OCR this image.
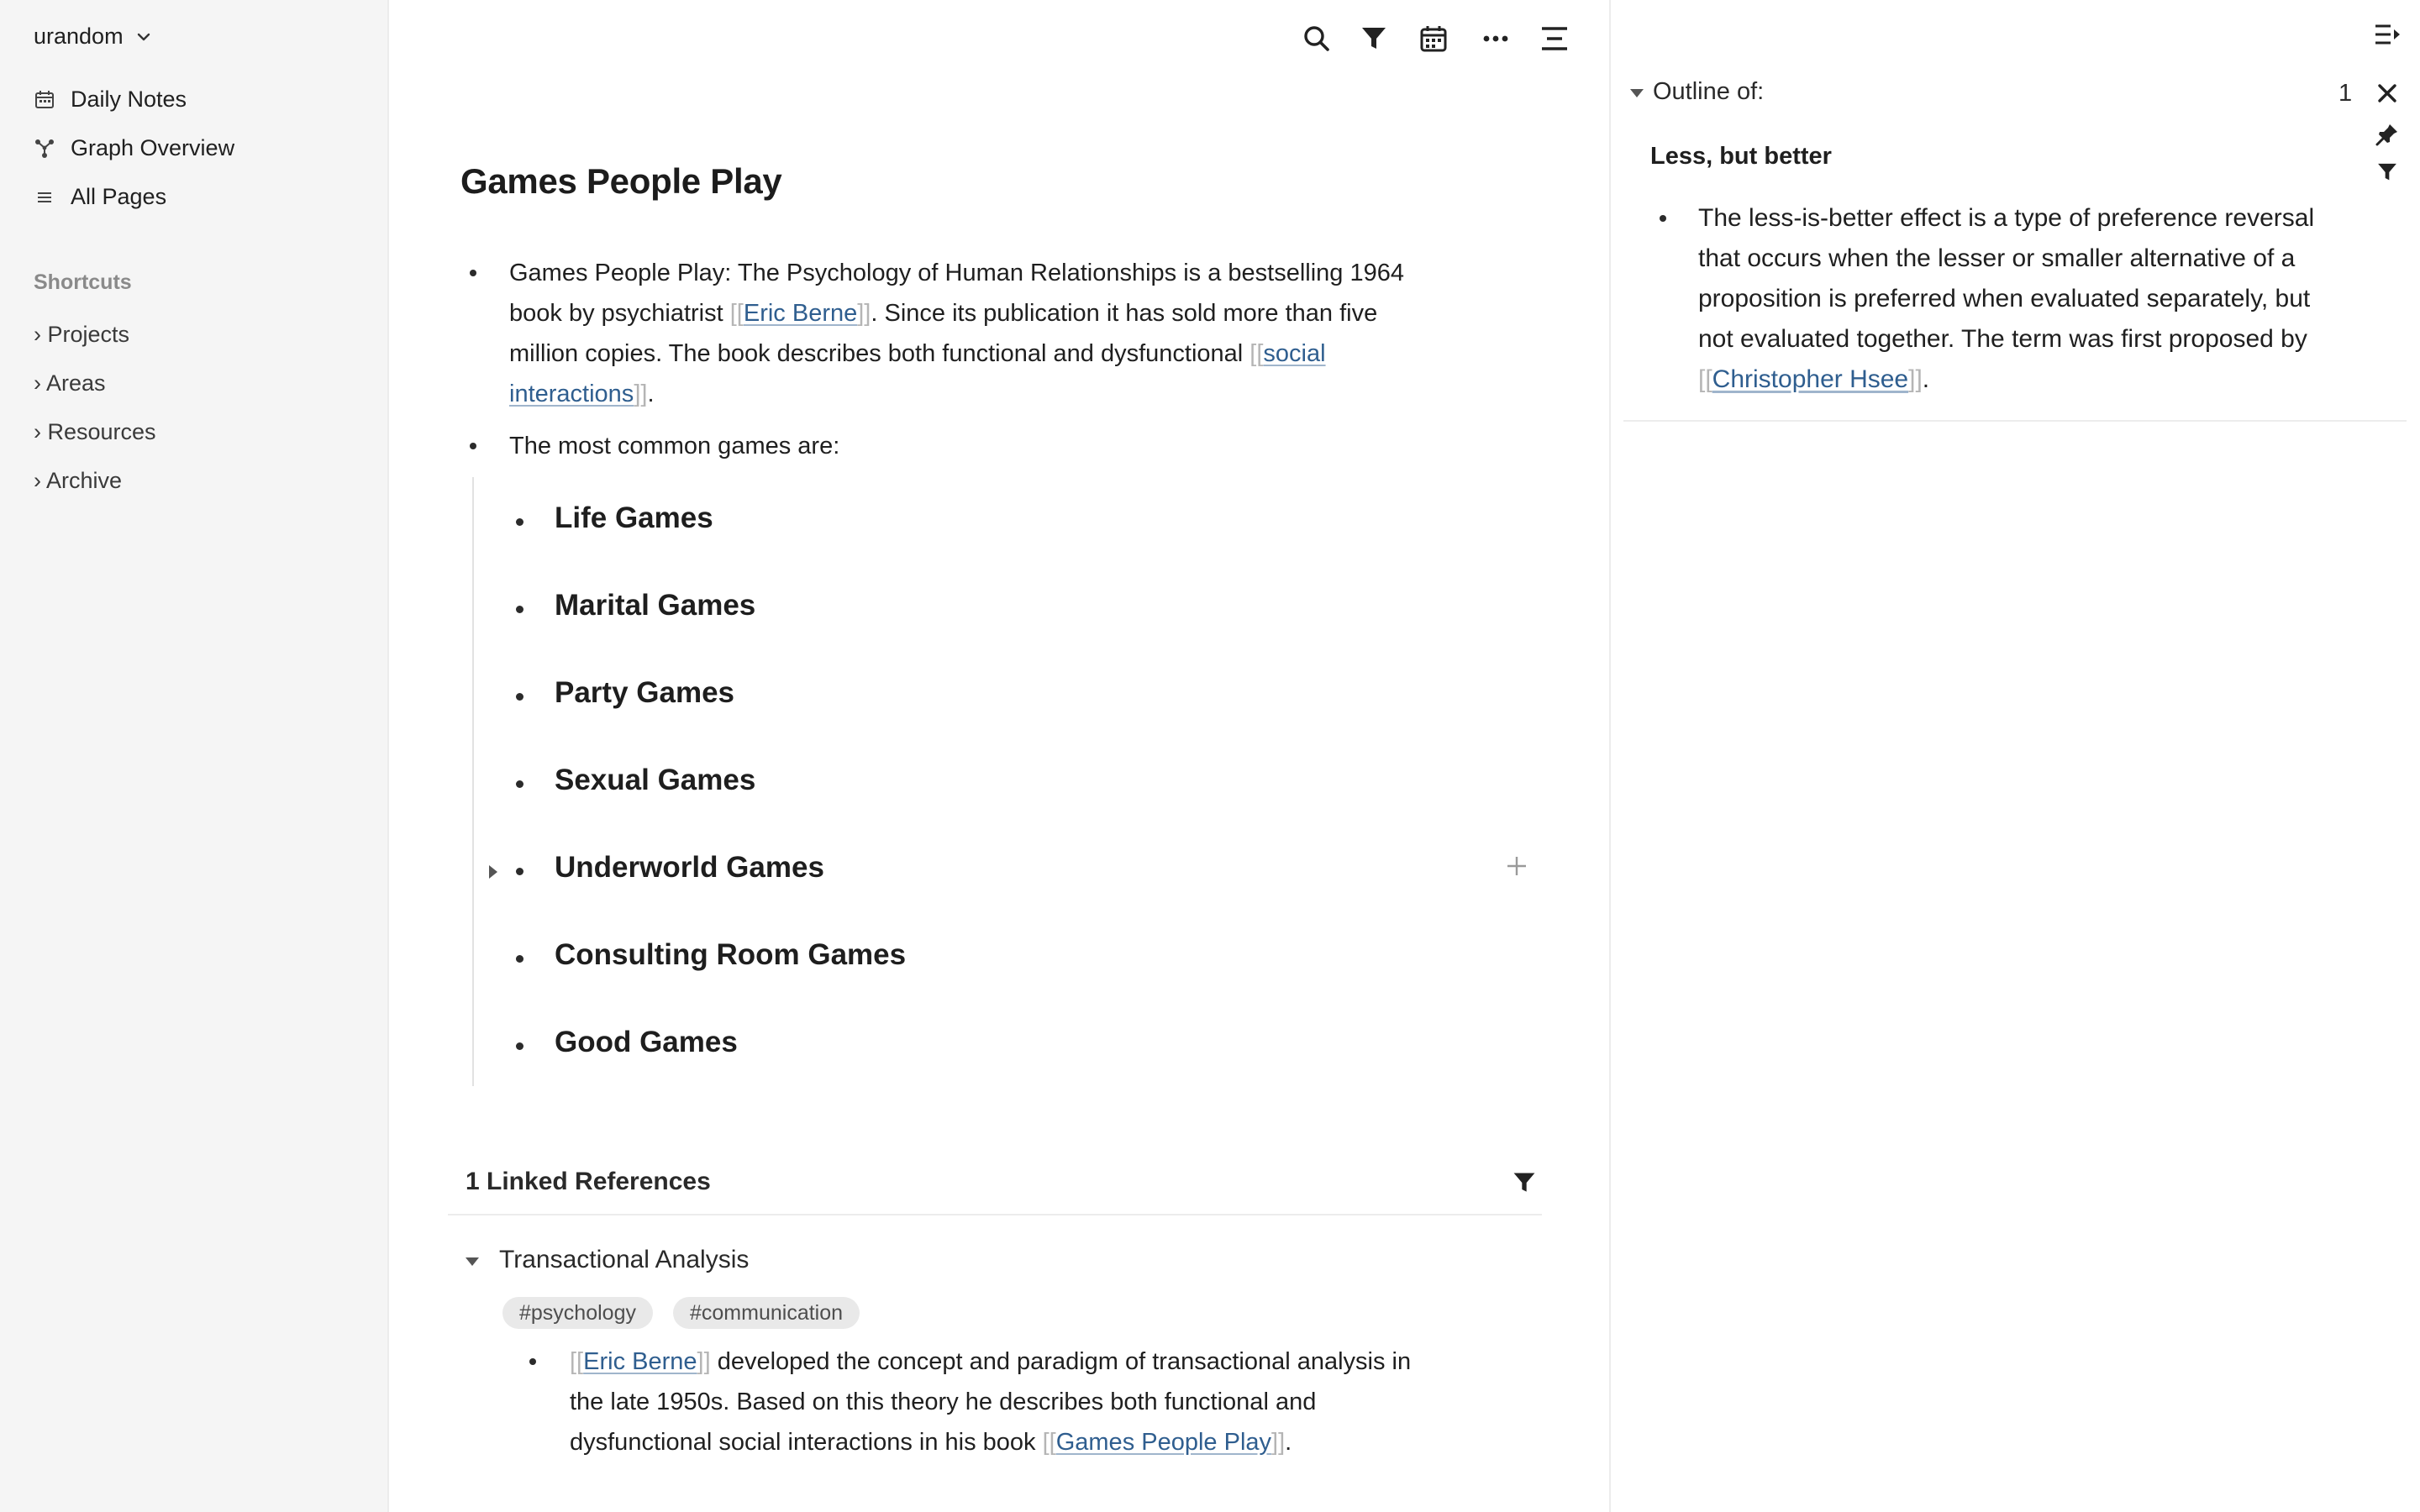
urandom
Daily Notes
Graph Overview
All Pages
Shortcuts
› Projects
› Areas
› Resources
› Archive
Games People Play
Games People Play: The Psychology of Human Relationships is a bestselling 1964
book by psychiatrist [[Eric Berne]]. Since its publication it has sold more than five
million copies. The book describes both functional and dysfunctional [[social
interactions]].
The most common games are:
Life Games
Marital Games
Party Games
Sexual Games
Underworld Games
Consulting Room Games
Good Games
1 Linked References
Transactional Analysis
#psychology	#communication
[[Eric Berne]] developed the concept and paradigm of transactional analysis in
the late 1950s. Based on this theory he describes both functional and
dysfunctional social interactions in his book [[Games People Play]].
Outline of:	1
Less, but better
The less-is-better effect is a type of preference reversal that occurs when the lesser or smaller alternative of a proposition is preferred when evaluated separately, but not evaluated together. The term was first proposed by [[Christopher Hsee]].
